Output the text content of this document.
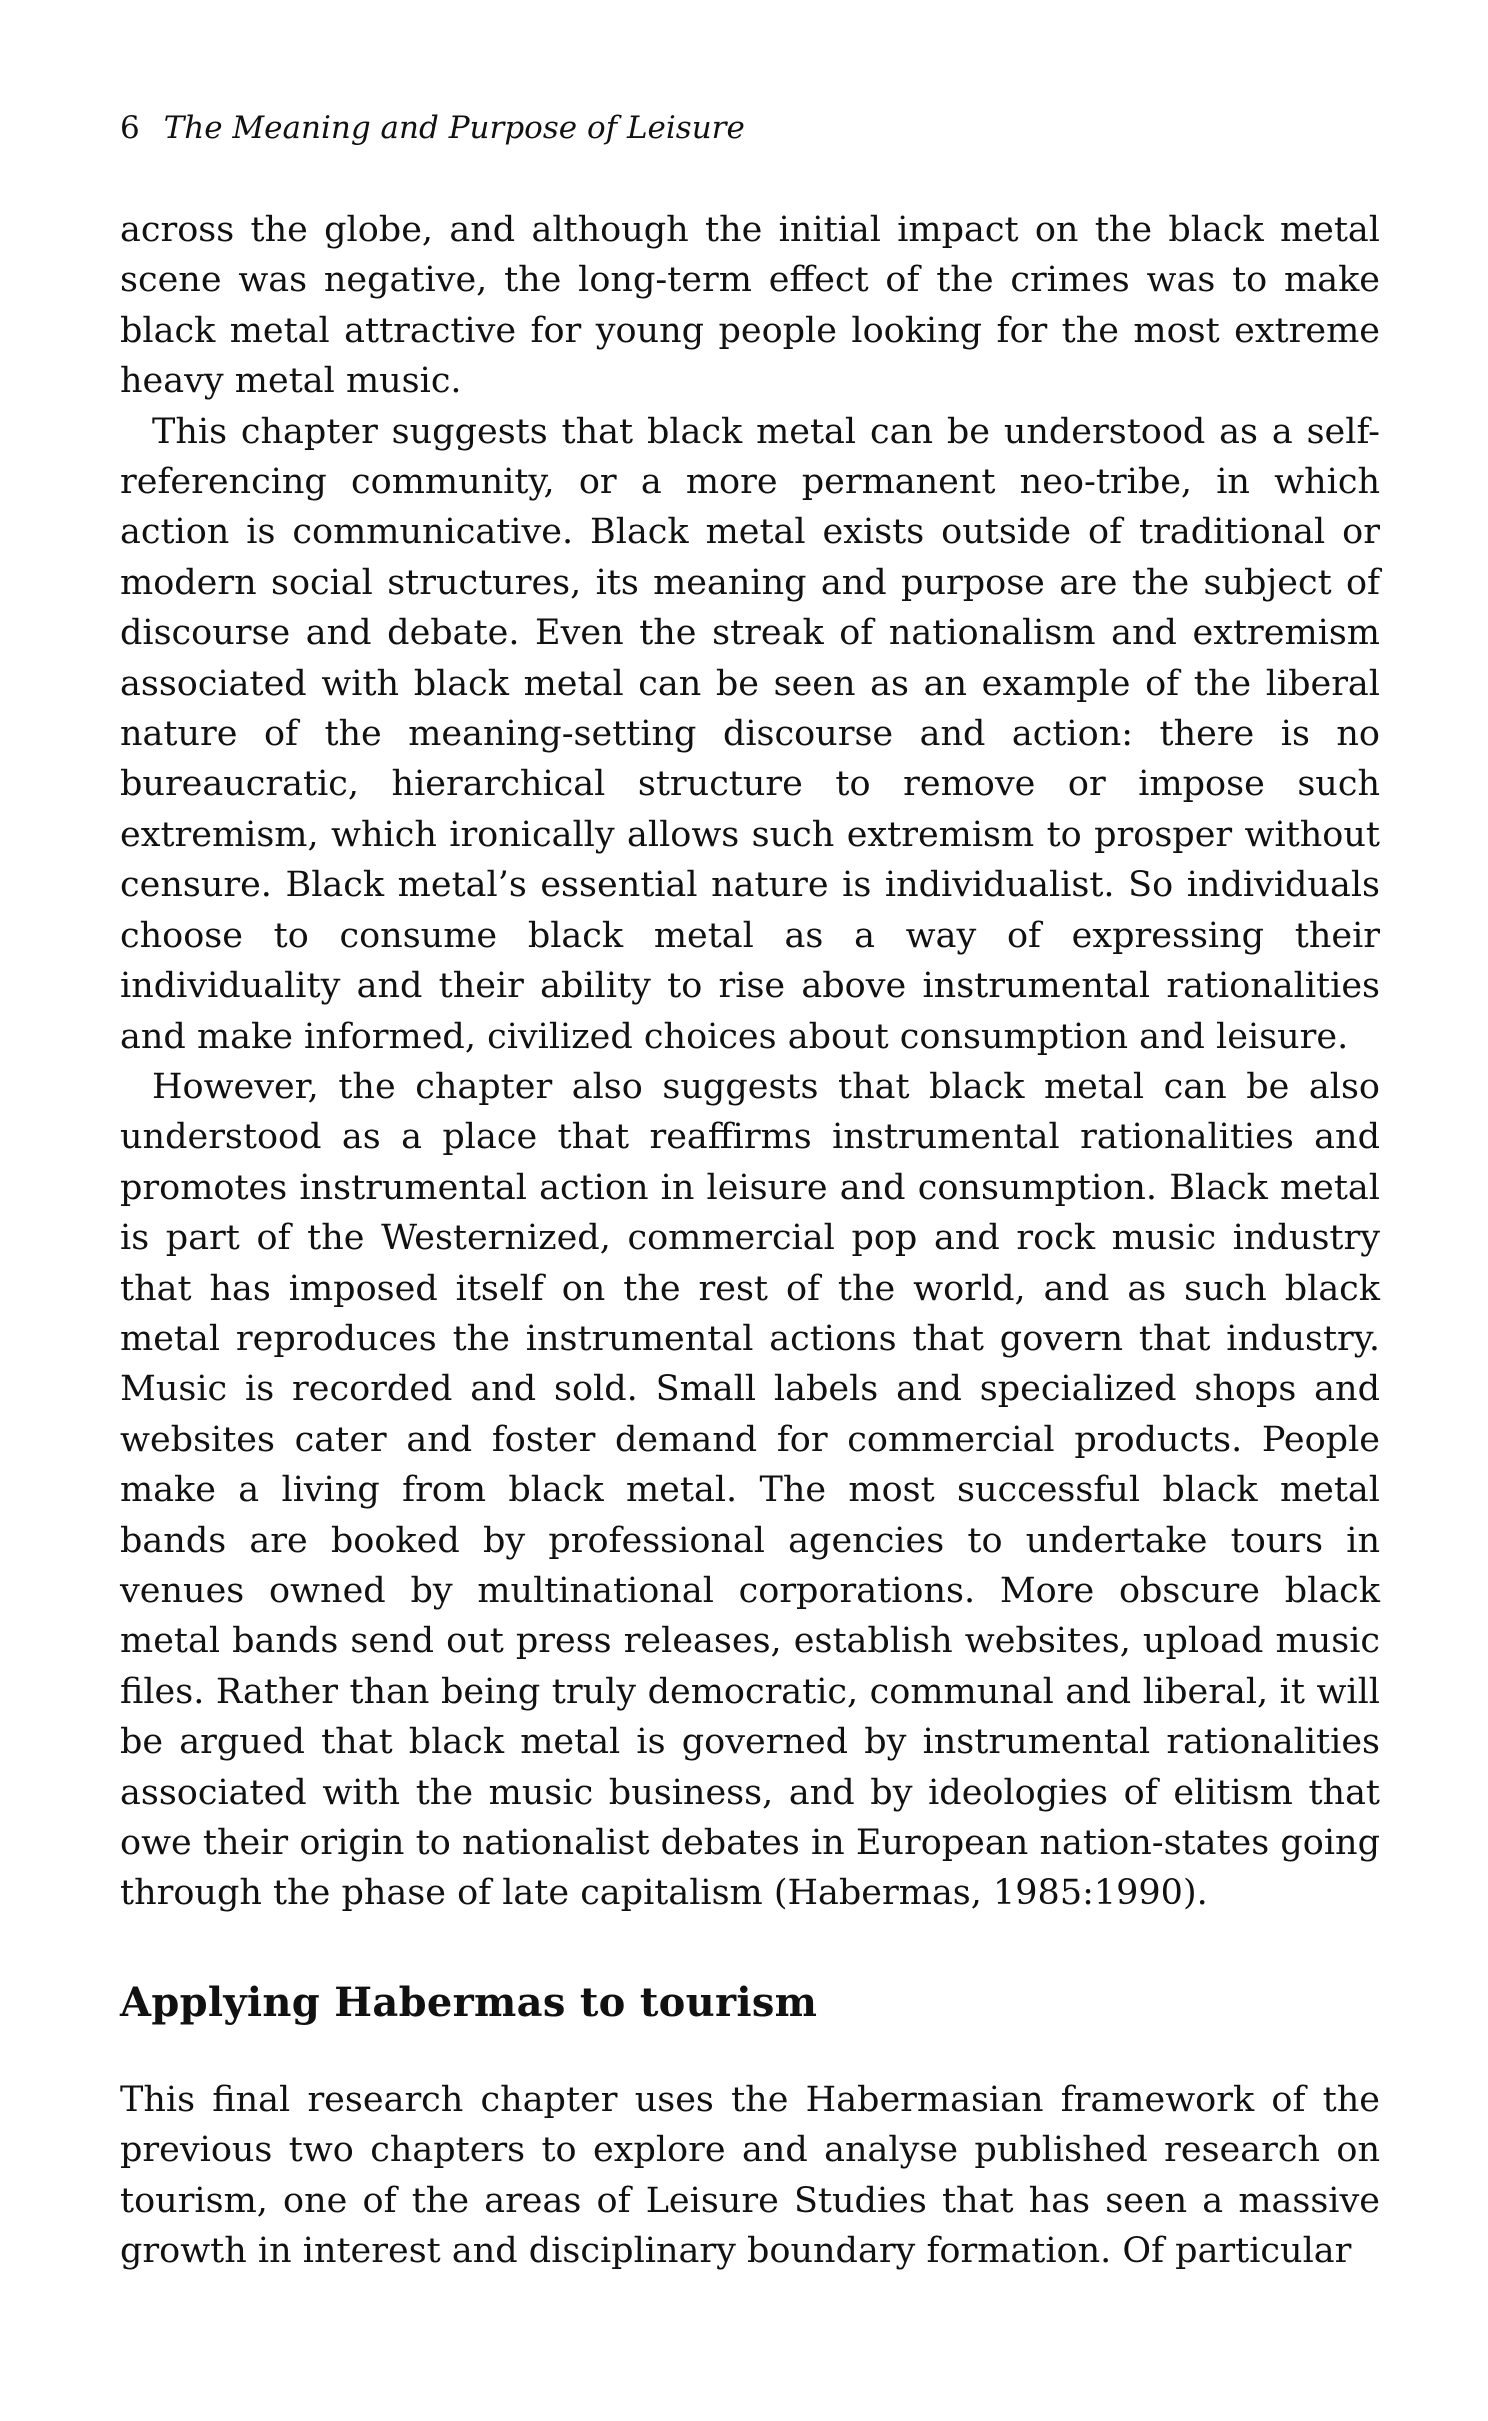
6 The Meaning and Purpose of Leisure

across the globe, and although the initial impact on the black metal scene was negative, the long-term effect of the crimes was to make black metal attractive for young people looking for the most extreme heavy metal music.

This chapter suggests that black metal can be understood as a self-referencing community, or a more permanent neo-tribe, in which action is communicative. Black metal exists outside of traditional or modern social structures, its meaning and purpose are the subject of discourse and debate. Even the streak of nationalism and extremism associated with black metal can be seen as an example of the liberal nature of the meaning-setting discourse and action: there is no bureaucratic, hierarchical structure to remove or impose such extremism, which ironically allows such extremism to prosper without censure. Black metal’s essential nature is individualist. So individuals choose to consume black metal as a way of expressing their individuality and their ability to rise above instrumental rationalities and make informed, civilized choices about consumption and leisure.

However, the chapter also suggests that black metal can be also understood as a place that reaffirms instrumental rationalities and promotes instrumental action in leisure and consumption. Black metal is part of the Westernized, commercial pop and rock music industry that has imposed itself on the rest of the world, and as such black metal reproduces the instrumental actions that govern that industry. Music is recorded and sold. Small labels and specialized shops and websites cater and foster demand for commercial products. People make a living from black metal. The most successful black metal bands are booked by professional agencies to undertake tours in venues owned by multinational corporations. More obscure black metal bands send out press releases, establish websites, upload music files. Rather than being truly democratic, communal and liberal, it will be argued that black metal is governed by instrumental rationalities associated with the music business, and by ideologies of elitism that owe their origin to nationalist debates in European nation-states going through the phase of late capitalism (Habermas, 1985:1990).

Applying Habermas to tourism

This final research chapter uses the Habermasian framework of the previous two chapters to explore and analyse published research on tourism, one of the areas of Leisure Studies that has seen a massive growth in interest and disciplinary boundary formation. Of particular
